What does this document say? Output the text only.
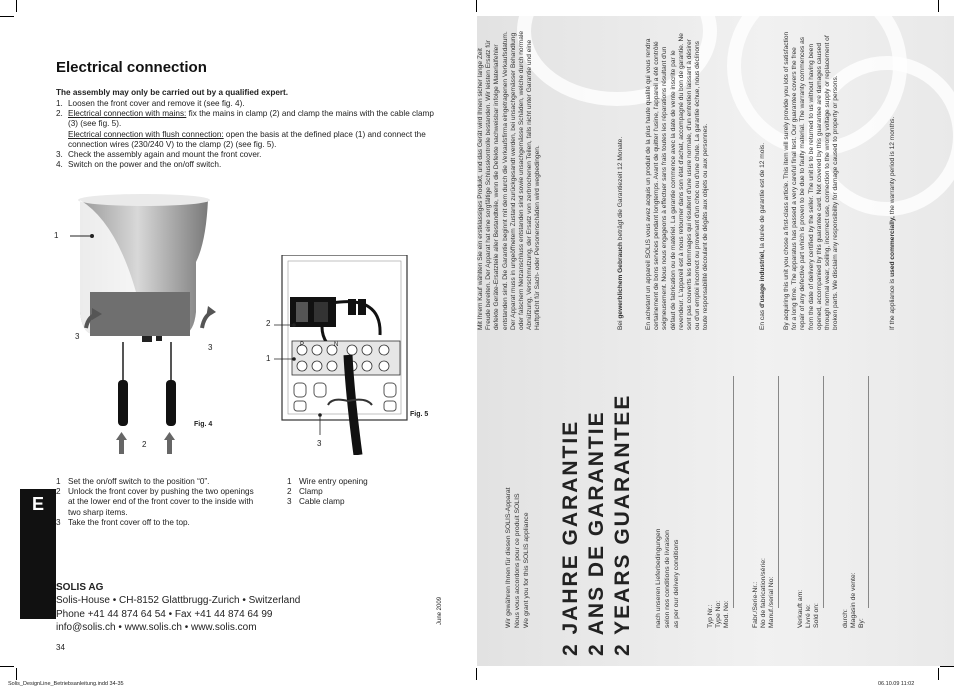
Electrical connection
The assembly may only be carried out by a qualified expert.
1. Loosen the front cover and remove it (see fig. 4).
2. Electrical connection with mains: fix the mains in clamp (2) and clamp the mains with the cable clamp (3) (see fig. 5).
Electrical connection with flush connection: open the basis at the defined place (1) and connect the connection wires (230/240 V) to the clamp (2) (see fig. 5).
3. Check the assembly again and mount the front cover.
4. Switch on the power and the on/off switch.
1
3
3
2
Fig. 4
P	N
2
1
3
Fig. 5
1 Set the on/off switch to the position “0”.
2 Unlock the front cover by pushing the two openings at the lower end of the front cover to the inside with two sharp items.
3 Take the front cover off to the top.
1 Wire entry opening
2 Clamp
3 Cable clamp
E
SOLIS AG
Solis-House • CH-8152 Glattbrugg-Zurich • Switzerland
Phone +41 44 874 64 54 • Fax +41 44 874 64 99
info@solis.ch • www.solis.ch • www.solis.com
34
June 2009	2 JAHRE GARANTIE 2 ANS DE GARANTIE 2 YEARS GUARANTEE
Wir gewähren Ihnen für diesen SOLIS-Apparat Nous vous accordons pour ce produit SOLIS We grant you for this SOLIS appliance	nach unseren Lieferbedingungen selon nos conditions de livraison as per our delivery conditions	Typ Nr.: Type No: Mod. No:	Fabr./Serie-Nr.: No de fabrication/série: Manuf./serial No:	Verkauft am: Livré le: Sold on:	durch: Magasin de vente: By:
Mit Ihrem Kauf wählten Sie ein erstklassiges Produkt, und das Gerät wird Ihnen sicher lange Zeit Freude bereiten. Der Apparat hat eine sorgfältige Schlusskontrolle bestanden. Wir leisten Ersatz für defekte Geräte-Ersatzteile aller Bestandteile, wenn die Defekte nachweisbar infolge Materialfehler entstanden sind. Die Garantie beginnt mit dem durch die Verkaufsfirma eingetragenen Verkaufsdatum. Der Apparat muss in ungeöffnetem Zustand zurückgesandt werden, bei unsachgemässer Behandlung oder falschem Netzanschluss entstanden sind sowie unsachgemässe Schäden, welche durch normale Abnützung, Verschmutzung, der Ersatz von zerbrochenen Teilen, falls nicht unter Garantie und eine Haftpflicht für Sach- oder Personenschäden wird wegbedingen.	Bei gewerblichem Gebrauch beträgt die Garantiezeit 12 Monate.	En achetant un appareil SOLIS vous avez acquis un produit de la plus haute qualité qui vous rendra certainement de bons services pendant longtemps. Avant de quitter l'usine, l'appareil a été contrôlé soigneusement. Nous nous engageons à effectuer sans frais toutes les réparations résultant d'un défaut de fabrication ou de matériel. La garantie commence avec la date de vente inscrite par le revendeur. L'appareil est à nous retourner dans son état d'achat, accompagné du bon de garantie. Ne sont pas couverts les dommages qui résultent d'une usure normale, d'un entretien laissant à désirer ou d'un emploi incorrect ou provenant d'un choc ou d'une chute. La garantie échue, nous déclinons toute responsabilité découlant de dégâts aux objets ou aux personnes.	En cas d'usage industriel, la durée de garantie est de 12 mois.	By acquiring this unit you chose a first-class article. This item will surely provide you lots of satisfaction for a long time. The apparatus has passed a very careful final test. Our guarantee covers the free repair of any defective part which is proven to be due to faulty material. The warranty commences as from the date of delivery certified by the seller. The unit is to be returned to us without having been opened, accompanied by this guarantee card. Not covered by this guarantee are damages caused through normal wear, soiling, incorrect use, connection to the wrong voltage supply or replacement of broken parts. We disclaim any responsibility for damage caused to property or persons.	If the appliance is used commercially, the warranty period is 12 months.
Solis_DesignLine_Betriebsanleitung.indd 34-35	06.10.09 11:02
